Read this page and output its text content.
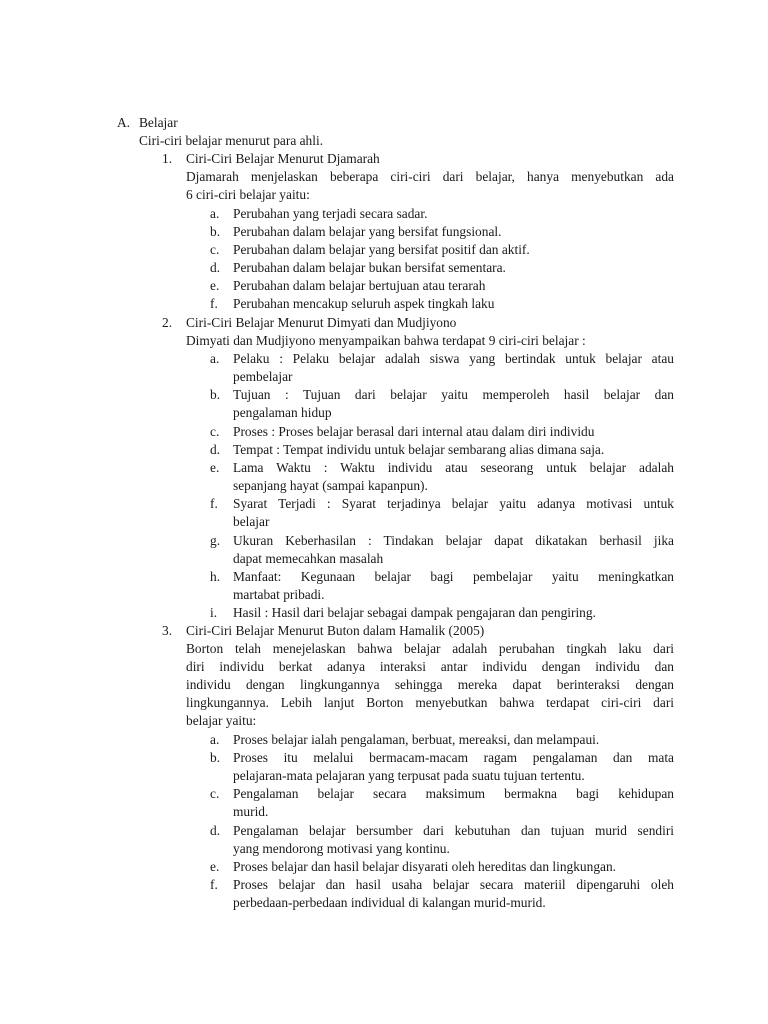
A. Belajar
Ciri-ciri belajar menurut para ahli.
1. Ciri-Ciri Belajar Menurut Djamarah
Djamarah menjelaskan beberapa ciri-ciri dari belajar, hanya menyebutkan ada
6 ciri-ciri belajar yaitu:
a. Perubahan yang terjadi secara sadar.
b. Perubahan dalam belajar yang bersifat fungsional.
c. Perubahan dalam belajar yang bersifat positif dan aktif.
d. Perubahan dalam belajar bukan bersifat sementara.
e. Perubahan dalam belajar bertujuan atau terarah
f. Perubahan mencakup seluruh aspek tingkah laku
2. Ciri-Ciri Belajar Menurut Dimyati dan Mudjiyono
Dimyati dan Mudjiyono menyampaikan bahwa terdapat 9 ciri-ciri belajar :
a. Pelaku : Pelaku belajar adalah siswa yang bertindak untuk belajar atau
pembelajar
b. Tujuan : Tujuan dari belajar yaitu memperoleh hasil belajar dan
pengalaman hidup
c. Proses : Proses belajar berasal dari internal atau dalam diri individu
d. Tempat : Tempat individu untuk belajar sembarang alias dimana saja.
e. Lama Waktu : Waktu individu atau seseorang untuk belajar adalah
sepanjang hayat (sampai kapanpun).
f. Syarat Terjadi : Syarat terjadinya belajar yaitu adanya motivasi untuk
belajar
g. Ukuran Keberhasilan : Tindakan belajar dapat dikatakan berhasil jika
dapat memecahkan masalah
h. Manfaat: Kegunaan belajar bagi pembelajar yaitu meningkatkan
martabat pribadi.
i. Hasil : Hasil dari belajar sebagai dampak pengajaran dan pengiring.
3. Ciri-Ciri Belajar Menurut Buton dalam Hamalik (2005)
Borton telah menejelaskan bahwa belajar adalah perubahan tingkah laku dari
diri individu berkat adanya interaksi antar individu dengan individu dan
individu dengan lingkungannya sehingga mereka dapat berinteraksi dengan
lingkungannya. Lebih lanjut Borton menyebutkan bahwa terdapat ciri-ciri dari
belajar yaitu:
a. Proses belajar ialah pengalaman, berbuat, mereaksi, dan melampaui.
b. Proses itu melalui bermacam-macam ragam pengalaman dan mata
pelajaran-mata pelajaran yang terpusat pada suatu tujuan tertentu.
c. Pengalaman belajar secara maksimum bermakna bagi kehidupan
murid.
d. Pengalaman belajar bersumber dari kebutuhan dan tujuan murid sendiri
yang mendorong motivasi yang kontinu.
e. Proses belajar dan hasil belajar disyarati oleh hereditas dan lingkungan.
f. Proses belajar dan hasil usaha belajar secara materiil dipengaruhi oleh
perbedaan-perbedaan individual di kalangan murid-murid.
